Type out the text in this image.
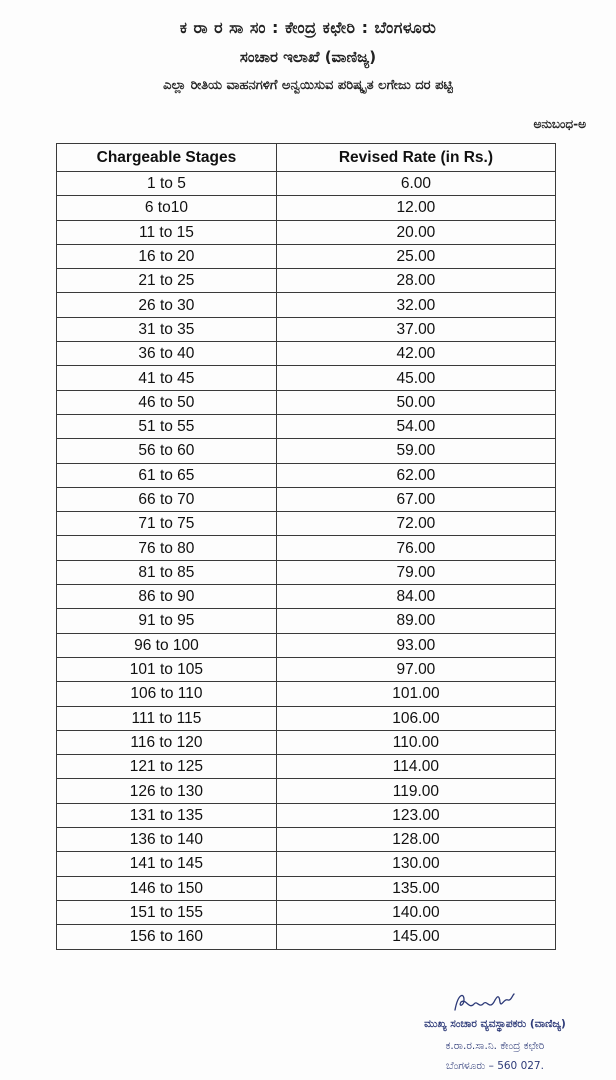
ಕ ರಾ ರ ಸಾ ಸಂ : ಕೇಂದ್ರ ಕಛೇರಿ : ಬೆಂಗಳೂರು
ಸಂಚಾರ ಇಲಾಖೆ (ವಾಣಿಜ್ಯ)
ಎಲ್ಲಾ ರೀತಿಯ ವಾಹನಗಳಿಗೆ ಅನ್ವಯಿಸುವ ಪರಿಷ್ಕೃತ ಲಗೇಜು ದರ ಪಟ್ಟಿ
ಅನುಬಂಧ-ಅ
Chargeable Stages	Revised Rate (in Rs.)
1 to 5	6.00
6 to10	12.00
11 to 15	20.00
16 to 20	25.00
21 to 25	28.00
26 to 30	32.00
31 to 35	37.00
36 to 40	42.00
41 to 45	45.00
46 to 50	50.00
51 to 55	54.00
56 to 60	59.00
61 to 65	62.00
66 to 70	67.00
71 to 75	72.00
76 to 80	76.00
81 to 85	79.00
86 to 90	84.00
91 to 95	89.00
96 to 100	93.00
101 to 105	97.00
106 to 110	101.00
111 to 115	106.00
116 to 120	110.00
121 to 125	114.00
126 to 130	119.00
131 to 135	123.00
136 to 140	128.00
141 to 145	130.00
146 to 150	135.00
151 to 155	140.00
156 to 160	145.00
ಮುಖ್ಯ ಸಂಚಾರ ವ್ಯವಸ್ಥಾಪಕರು (ವಾಣಿಜ್ಯ)
ಕ.ರಾ.ರ.ಸಾ.ನಿ. ಕೇಂದ್ರ ಕಛೇರಿ
ಬೆಂಗಳೂರು – 560 027.
